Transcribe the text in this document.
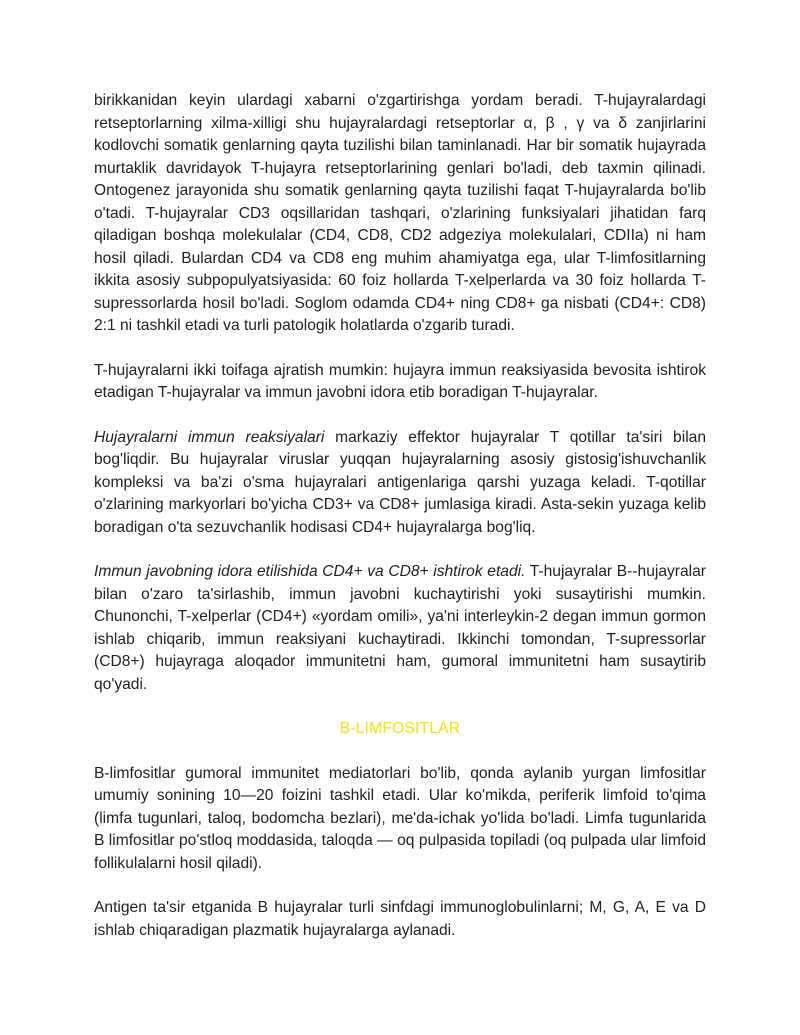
birikkanidan keyin ulardagi xabarni o'zgartirishga yordam beradi. T-hujayralardagi retseptorlarning xilma-xilligi shu hujayralardagi retseptorlar α, β , γ va δ zanjirlarini kodlovchi somatik genlarning qayta tuzilishi bilan taminlanadi. Har bir somatik hujayrada murtaklik davridayok T-hujayra retseptorlarining genlari bo'ladi, deb taxmin qilinadi. Ontogenez jarayonida shu somatik genlarning qayta tuzilishi faqat T-hujayralarda bo'lib o'tadi. T-hujayralar CD3 oqsillaridan tashqari, o'zlarining funksiyalari jihatidan farq qiladigan boshqa molekulalar (CD4, CD8, CD2 adgeziya molekulalari, CDIIa) ni ham hosil qiladi. Bulardan CD4 va CD8 eng muhim ahamiyatga ega, ular T-limfositlarning ikkita asosiy subpopulyatsiyasida: 60 foiz hollarda T-xelperlarda va 30 foiz hollarda T-supressorlarda hosil bo'ladi. Soglom odamda CD4+ ning CD8+ ga nisbati (CD4+: CD8) 2:1 ni tashkil etadi va turli patologik holatlarda o'zgarib turadi.

T-hujayralarni ikki toifaga ajratish mumkin: hujayra immun reaksiyasida bevosita ishtirok etadigan T-hujayralar va immun javobni idora etib boradigan T-hujayralar.

Hujayralarni immun reaksiyalari markaziy effektor hujayralar T qotillar ta'siri bilan bog'liqdir. Bu hujayralar viruslar yuqqan hujayralarning asosiy gistosig'ishuvchanlik kompleksi va ba'zi o'sma hujayralari antigenlariga qarshi yuzaga keladi. T-qotillar o'zlarining markyorlari bo'yicha CD3+ va CD8+ jumlasiga kiradi. Asta-sekin yuzaga kelib boradigan o'ta sezuvchanlik hodisasi CD4+ hujayralarga bog'liq.

Immun javobning idora etilishida CD4+ va CD8+ ishtirok etadi. T-hujayralar B--hujayralar bilan o'zaro ta'sirlashib, immun javobni kuchaytirishi yoki susaytirishi mumkin. Chunonchi, T-xelperlar (CD4+) «yordam omili», ya'ni interleykin-2 degan immun gormon ishlab chiqarib, immun reaksiyani kuchaytiradi. Ikkinchi tomondan, T-supressorlar (CD8+) hujayraga aloqador immunitetni ham, gumoral immunitetni ham susaytirib qo'yadi.

B-LIMFOSITLAR

B-limfositlar gumoral immunitet mediatorlari bo'lib, qonda aylanib yurgan limfositlar umumiy sonining 10—20 foizini tashkil etadi. Ular ko'mikda, periferik limfoid to'qima (limfa tugunlari, taloq, bodomcha bezlari), me'da-ichak yo'lida bo'ladi. Limfa tugunlarida B limfositlar po'stloq moddasida, taloqda — oq pulpasida topiladi (oq pulpada ular limfoid follikulalarni hosil qiladi).

Antigen ta'sir etganida B hujayralar turli sinfdagi immunoglobulinlarni; M, G, A, E va D ishlab chiqaradigan plazmatik hujayralarga aylanadi.
